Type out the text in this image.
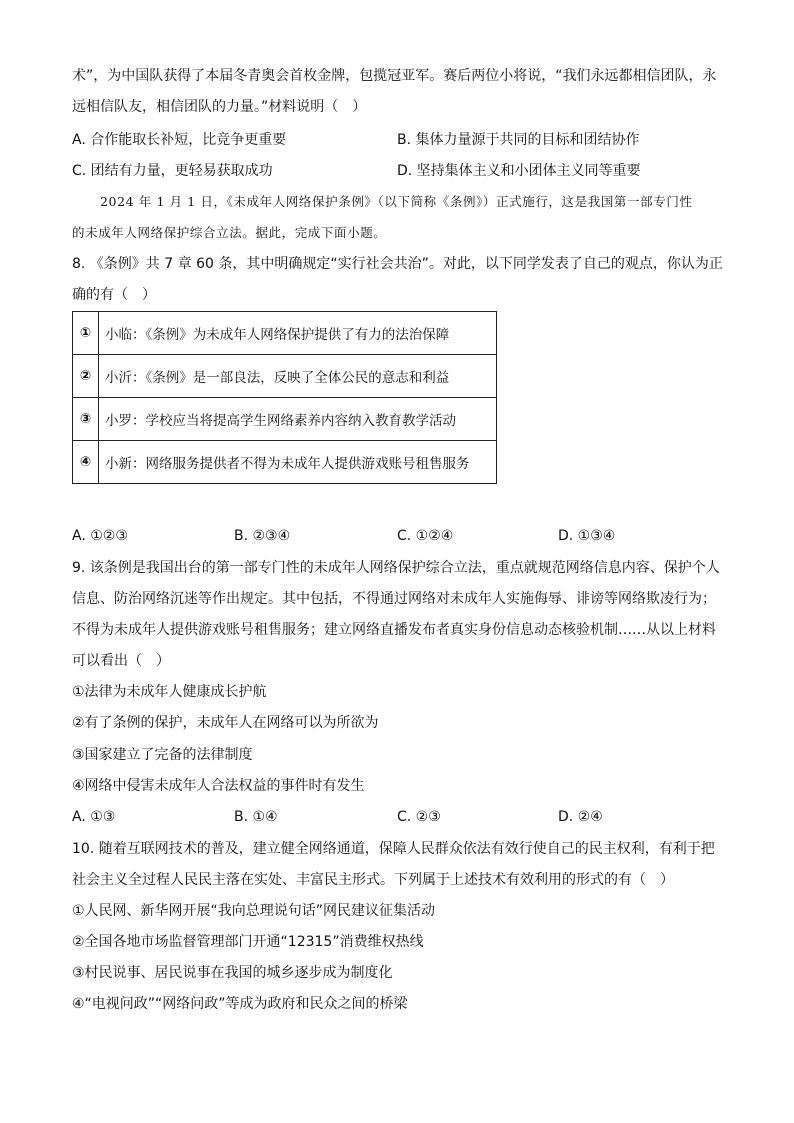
术”，为中国队获得了本届冬青奥会首枚金牌，包揽冠亚军。赛后两位小将说，“我们永远都相信团队，永
远相信队友，相信团队的力量。”材料说明（　）
A. 合作能取长补短，比竞争更重要	B. 集体力量源于共同的目标和团结协作
C. 团结有力量，更轻易获取成功	D. 坚持集体主义和小团体主义同等重要
2024 年 1 月 1 日，《未成年人网络保护条例》（以下简称《条例》）正式施行，这是我国第一部专门性
的未成年人网络保护综合立法。据此，完成下面小题。
8. 《条例》共 7 章 60 条，其中明确规定“实行社会共治”。对此，以下同学发表了自己的观点，你认为正
确的有（　）
①	小临：《条例》为未成年人网络保护提供了有力的法治保障
②	小沂：《条例》是一部良法，反映了全体公民的意志和利益
③	小罗：学校应当将提高学生网络素养内容纳入教育教学活动
④	小新：网络服务提供者不得为未成年人提供游戏账号租售服务
A. ①②③	B. ②③④	C. ①②④	D. ①③④
9. 该条例是我国出台的第一部专门性的未成年人网络保护综合立法，重点就规范网络信息内容、保护个人
信息、防治网络沉迷等作出规定。其中包括，不得通过网络对未成年人实施侮辱、诽谤等网络欺凌行为；
不得为未成年人提供游戏账号租售服务；建立网络直播发布者真实身份信息动态核验机制……从以上材料
可以看出（　）
①法律为未成年人健康成长护航
②有了条例的保护，未成年人在网络可以为所欲为
③国家建立了完备的法律制度
④网络中侵害未成年人合法权益的事件时有发生
A. ①③	B. ①④	C. ②③	D. ②④
10. 随着互联网技术的普及，建立健全网络通道，保障人民群众依法有效行使自己的民主权利，有利于把
社会主义全过程人民民主落在实处、丰富民主形式。下列属于上述技术有效利用的形式的有（　）
①人民网、新华网开展“我向总理说句话”网民建议征集活动
②全国各地市场监督管理部门开通“12315”消费维权热线
③村民说事、居民说事在我国的城乡逐步成为制度化
④“电视问政”“网络问政”等成为政府和民众之间的桥梁
